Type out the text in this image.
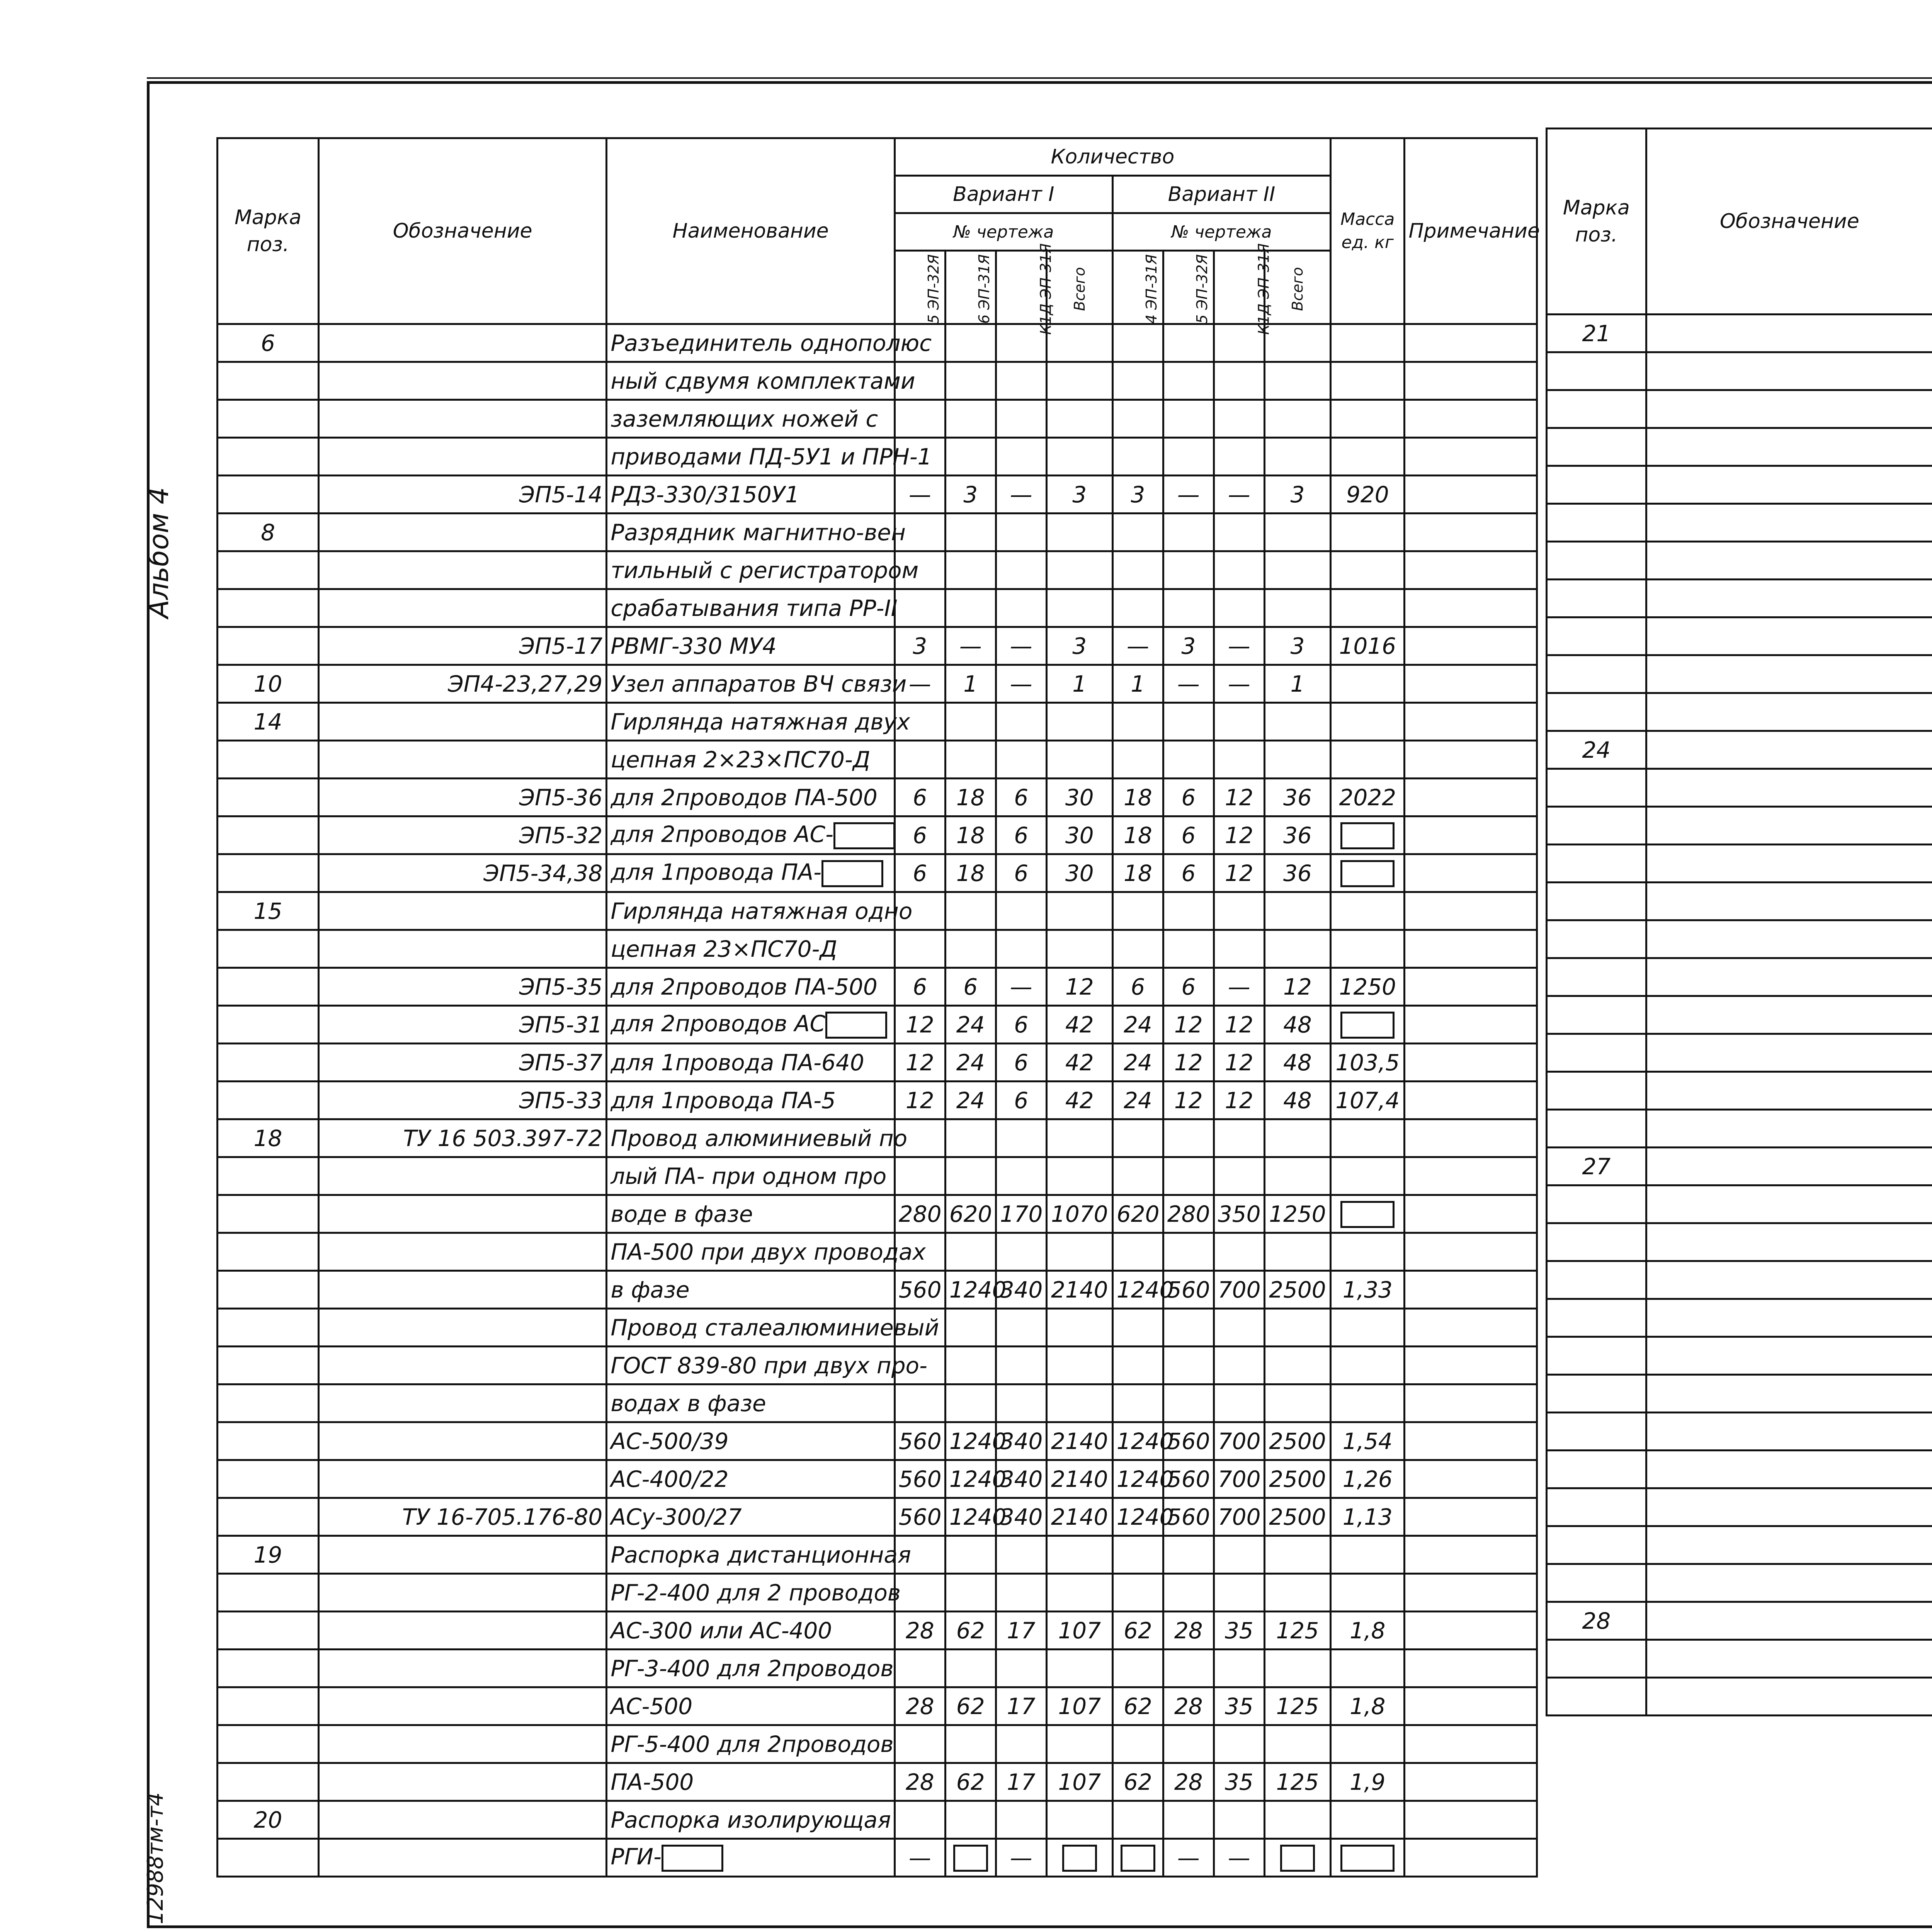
Альбом 4
12988тм-т4
Марка поз.	Обозначение	Наименование	Количество								Масса ед. кг	Примечание
			Вариант I				Вариант II					
			№ чертежа				№ чертежа					
			5 ЭП-32Я	6 ЭП-31Я	К1Д ЭП-31Я	Всего	4 ЭП-31Я	5 ЭП-32Я	К1Д ЭП-31Я	Всего		
6		Разъединитель однополюс										
		ный сдвумя комплектами										
		заземляющих ножей с										
		приводами ПД-5У1 и ПРН-1										
	ЭП5-14	РДЗ-330/3150У1	—	3	—	3	3	—	—	3	920	
8		Разрядник магнитно-вен										
		тильный с регистратором										
		срабатывания типа РР-II										
	ЭП5-17	РВМГ-330 МУ4	3	—	—	3	—	3	—	3	1016	
10	ЭП4-23,27,29	Узел аппаратов ВЧ связи	—	1	—	1	1	—	—	1		
14		Гирлянда натяжная двух										
		цепная 2×23×ПС70-Д										
	ЭП5-36	для 2проводов ПА-500	6	18	6	30	18	6	12	36	2022	
	ЭП5-32	для 2проводов АС-	6	18	6	30	18	6	12	36		
	ЭП5-34,38	для 1провода ПА-	6	18	6	30	18	6	12	36		
15		Гирлянда натяжная одно										
		цепная 23×ПС70-Д										
	ЭП5-35	для 2проводов ПА-500	6	6	—	12	6	6	—	12	1250	
	ЭП5-31	для 2проводов АС	12	24	6	42	24	12	12	48		
	ЭП5-37	для 1провода ПА-640	12	24	6	42	24	12	12	48	103,5	
	ЭП5-33	для 1провода ПА-5	12	24	6	42	24	12	12	48	107,4	
18	ТУ 16 503.397-72	Провод алюминиевый по										
		лый ПА- при одном про										
		воде в фазе	280	620	170	1070	620	280	350	1250		
		ПА-500 при двух проводах										
		в фазе	560	1240	340	2140	1240	560	700	2500	1,33	
		Провод сталеалюминиевый										
		ГОСТ 839-80 при двух про-										
		водах в фазе										
		АС-500/39	560	1240	340	2140	1240	560	700	2500	1,54	
		АС-400/22	560	1240	340	2140	1240	560	700	2500	1,26	
	ТУ 16-705.176-80	АСу-300/27	560	1240	340	2140	1240	560	700	2500	1,13	
19		Распорка дистанционная										
		РГ-2-400 для 2 проводов										
		АС-300 или АС-400	28	62	17	107	62	28	35	125	1,8	
		РГ-3-400 для 2проводов										
		АС-500	28	62	17	107	62	28	35	125	1,8	
		РГ-5-400 для 2проводов										
		ПА-500	28	62	17	107	62	28	35	125	1,9	
20		Распорка изолирующая										
		РГИ-	—		—			—	—			
Марка поз.	Обозначение				

21												

24												

27												

28												
